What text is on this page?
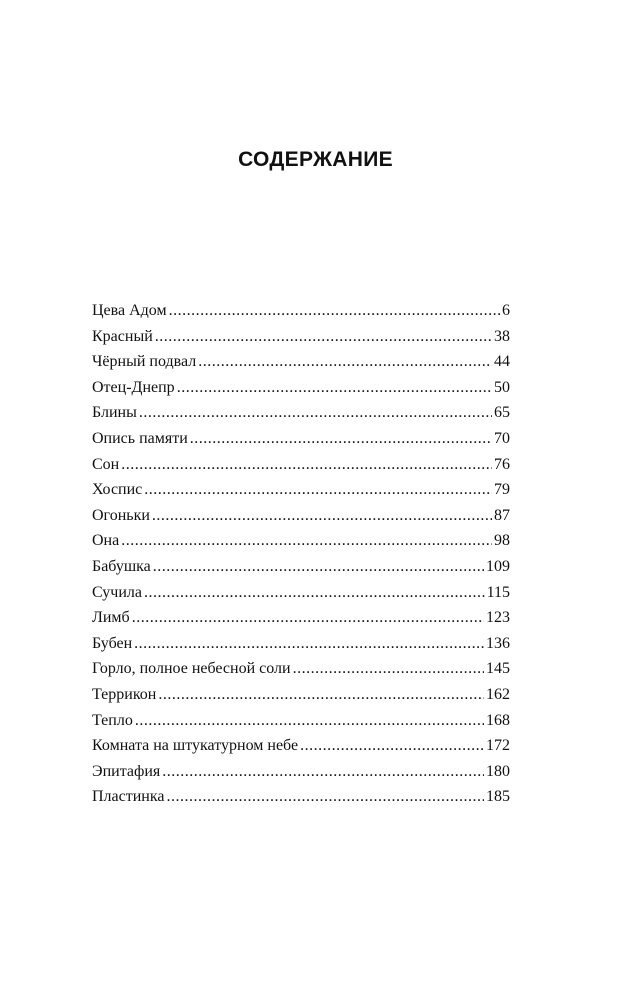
СОДЕРЖАНИЕ
Цева Адом .....	6
Красный .....	38
Чёрный подвал .....	44
Отец-Днепр .....	50
Блины .....	65
Опись памяти .....	70
Сон .....	76
Хоспис .....	79
Огоньки .....	87
Она .....	98
Бабушка .....	109
Сучила .....	115
Лимб .....	123
Бубен .....	136
Горло, полное небесной соли .....	145
Террикон .....	162
Тепло .....	168
Комната на штукатурном небе .....	172
Эпитафия .....	180
Пластинка .....	185
